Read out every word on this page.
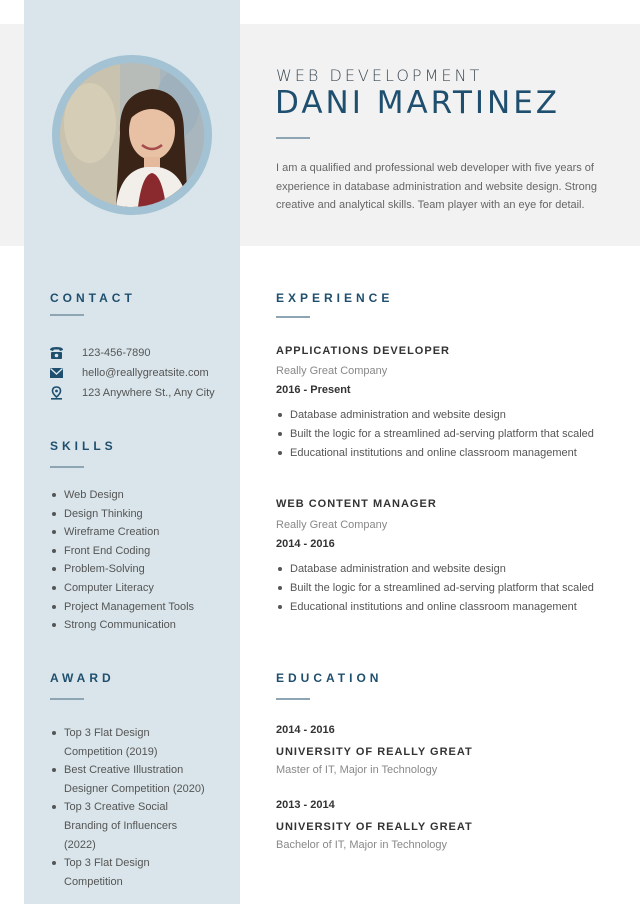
WEB DEVELOPMENT
DANI MARTINEZ

I am a qualified and professional web developer with five years of experience in database administration and website design. Strong creative and analytical skills. Team player with an eye for detail.

CONTACT
123-456-7890
hello@reallygreatsite.com
123 Anywhere St., Any City
SKILLS
Web Design
Design Thinking
Wireframe Creation
Front End Coding
Problem-Solving
Computer Literacy
Project Management Tools
Strong Communication
AWARD
Top 3 Flat Design Competition (2019)
Best Creative Illustration Designer Competition (2020)
Top 3 Creative Social Branding of Influencers (2022)
Top 3 Flat Design Competition
EXPERIENCE
APPLICATIONS DEVELOPER
Really Great Company
2016 - Present
Database administration and website design
Built the logic for a streamlined ad-serving platform that scaled
Educational institutions and online classroom management
WEB CONTENT MANAGER
Really Great Company
2014 - 2016
Database administration and website design
Built the logic for a streamlined ad-serving platform that scaled
Educational institutions and online classroom management
EDUCATION
2014 - 2016
UNIVERSITY OF REALLY GREAT
Master of IT, Major in Technology
2013 - 2014
UNIVERSITY OF REALLY GREAT
Bachelor of IT, Major in Technology
